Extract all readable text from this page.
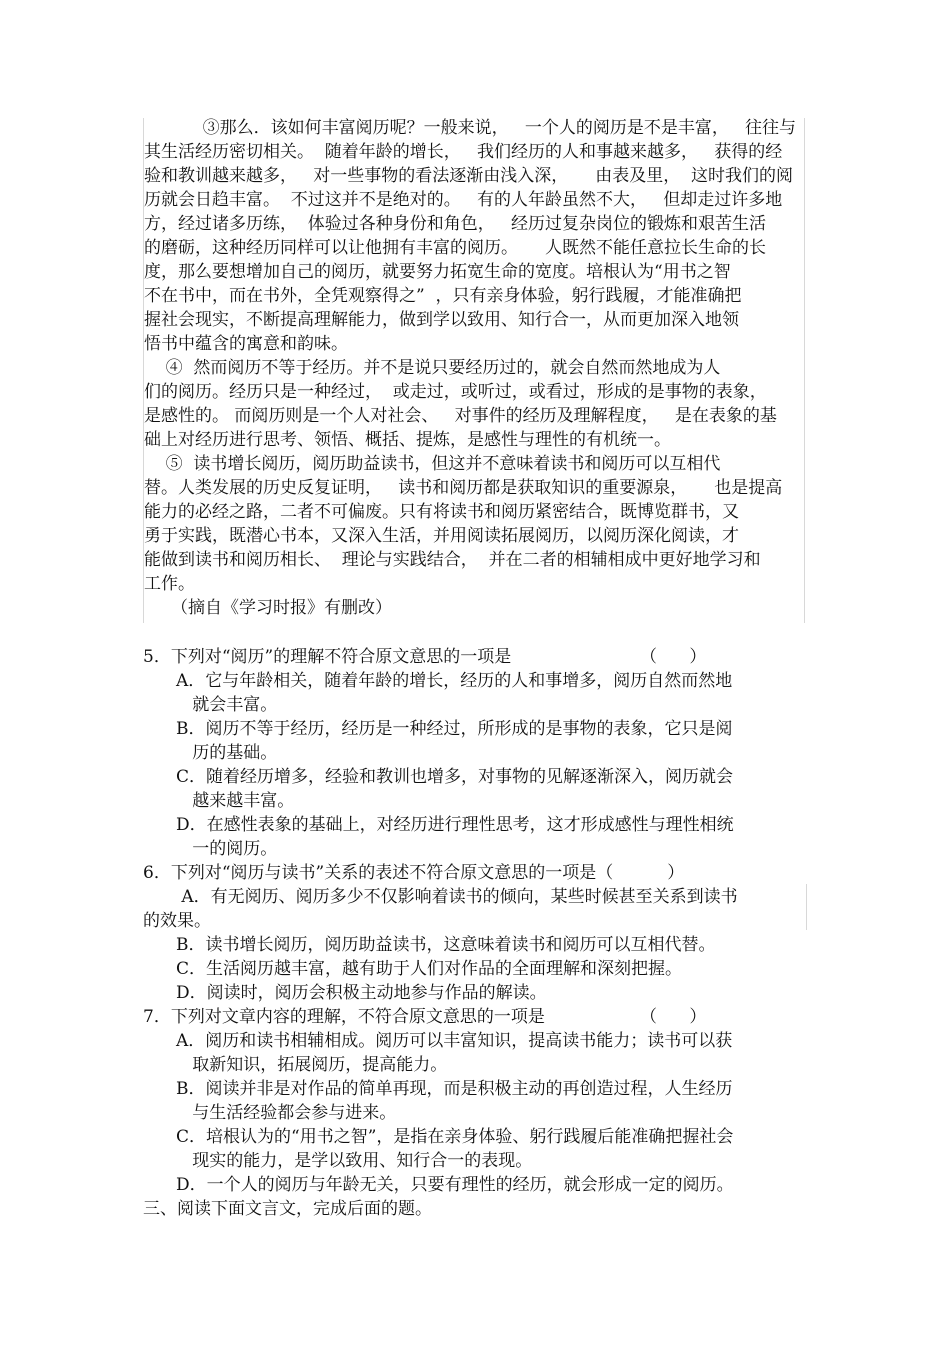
③那么．该如何丰富阅历呢？一般来说，   一个人的阅历是不是丰富，   往往与
其生活经历密切相关。  随着年龄的增长，   我们经历的人和事越来越多，   获得的经
验和教训越来越多，   对一些事物的看法逐渐由浅入深，     由表及里，  这时我们的阅
历就会日趋丰富。  不过这并不是绝对的。   有的人年龄虽然不大，   但却走过许多地
方，经过诸多历练，  体验过各种身份和角色，   经历过复杂岗位的锻炼和艰苦生活
的磨砺，这种经历同样可以让他拥有丰富的阅历。     人既然不能任意拉长生命的长
度，那么要想增加自己的阅历，就要努力拓宽生命的宽度。培根认为“用书之智
不在书中，而在书外，全凭观察得之”  ，只有亲身体验，躬行践履，才能准确把
握社会现实，不断提高理解能力，做到学以致用、知行合一，从而更加深入地领
悟书中蕴含的寓意和韵味。
④  然而阅历不等于经历。并不是说只要经历过的，就会自然而然地成为人
们的阅历。经历只是一种经过，  或走过，或听过，或看过，形成的是事物的表象，
是感性的。 而阅历则是一个人对社会、   对事件的经历及理解程度，   是在表象的基
础上对经历进行思考、领悟、概括、提炼，是感性与理性的有机统一。
⑤  读书增长阅历，阅历助益读书，但这并不意味着读书和阅历可以互相代
替。人类发展的历史反复证明，   读书和阅历都是获取知识的重要源泉，     也是提高
能力的必经之路，二者不可偏废。只有将读书和阅历紧密结合，既博览群书，又
勇于实践，既潜心书本，又深入生活，并用阅读拓展阅历，以阅历深化阅读，才
能做到读书和阅历相长、  理论与实践结合，  并在二者的相辅相成中更好地学习和
工作。
（摘自《学习时报》有删改）
5．下列对“阅历”的理解不符合原文意思的一项是	（      ）
A．它与年龄相关，随着年龄的增长，经历的人和事增多，阅历自然而然地
就会丰富。
B．阅历不等于经历，经历是一种经过，所形成的是事物的表象，它只是阅
历的基础。
C．随着经历增多，经验和教训也增多，对事物的见解逐渐深入，阅历就会
越来越丰富。
D．在感性表象的基础上，对经历进行理性思考，这才形成感性与理性相统
一的阅历。
6．下列对“阅历与读书”关系的表述不符合原文意思的一项是（          ）
A．有无阅历、阅历多少不仅影响着读书的倾向，某些时候甚至关系到读书
的效果。
B．读书增长阅历，阅历助益读书，这意味着读书和阅历可以互相代替。
C．生活阅历越丰富，越有助于人们对作品的全面理解和深刻把握。
D．阅读时，阅历会积极主动地参与作品的解读。
7．下列对文章内容的理解，不符合原文意思的一项是	（      ）
A．阅历和读书相辅相成。阅历可以丰富知识，提高读书能力；读书可以获
取新知识，拓展阅历，提高能力。
B．阅读并非是对作品的简单再现，而是积极主动的再创造过程，人生经历
与生活经验都会参与进来。
C．培根认为的“用书之智”，是指在亲身体验、躬行践履后能准确把握社会
现实的能力，是学以致用、知行合一的表现。
D．一个人的阅历与年龄无关，只要有理性的经历，就会形成一定的阅历。
三、阅读下面文言文，完成后面的题。
